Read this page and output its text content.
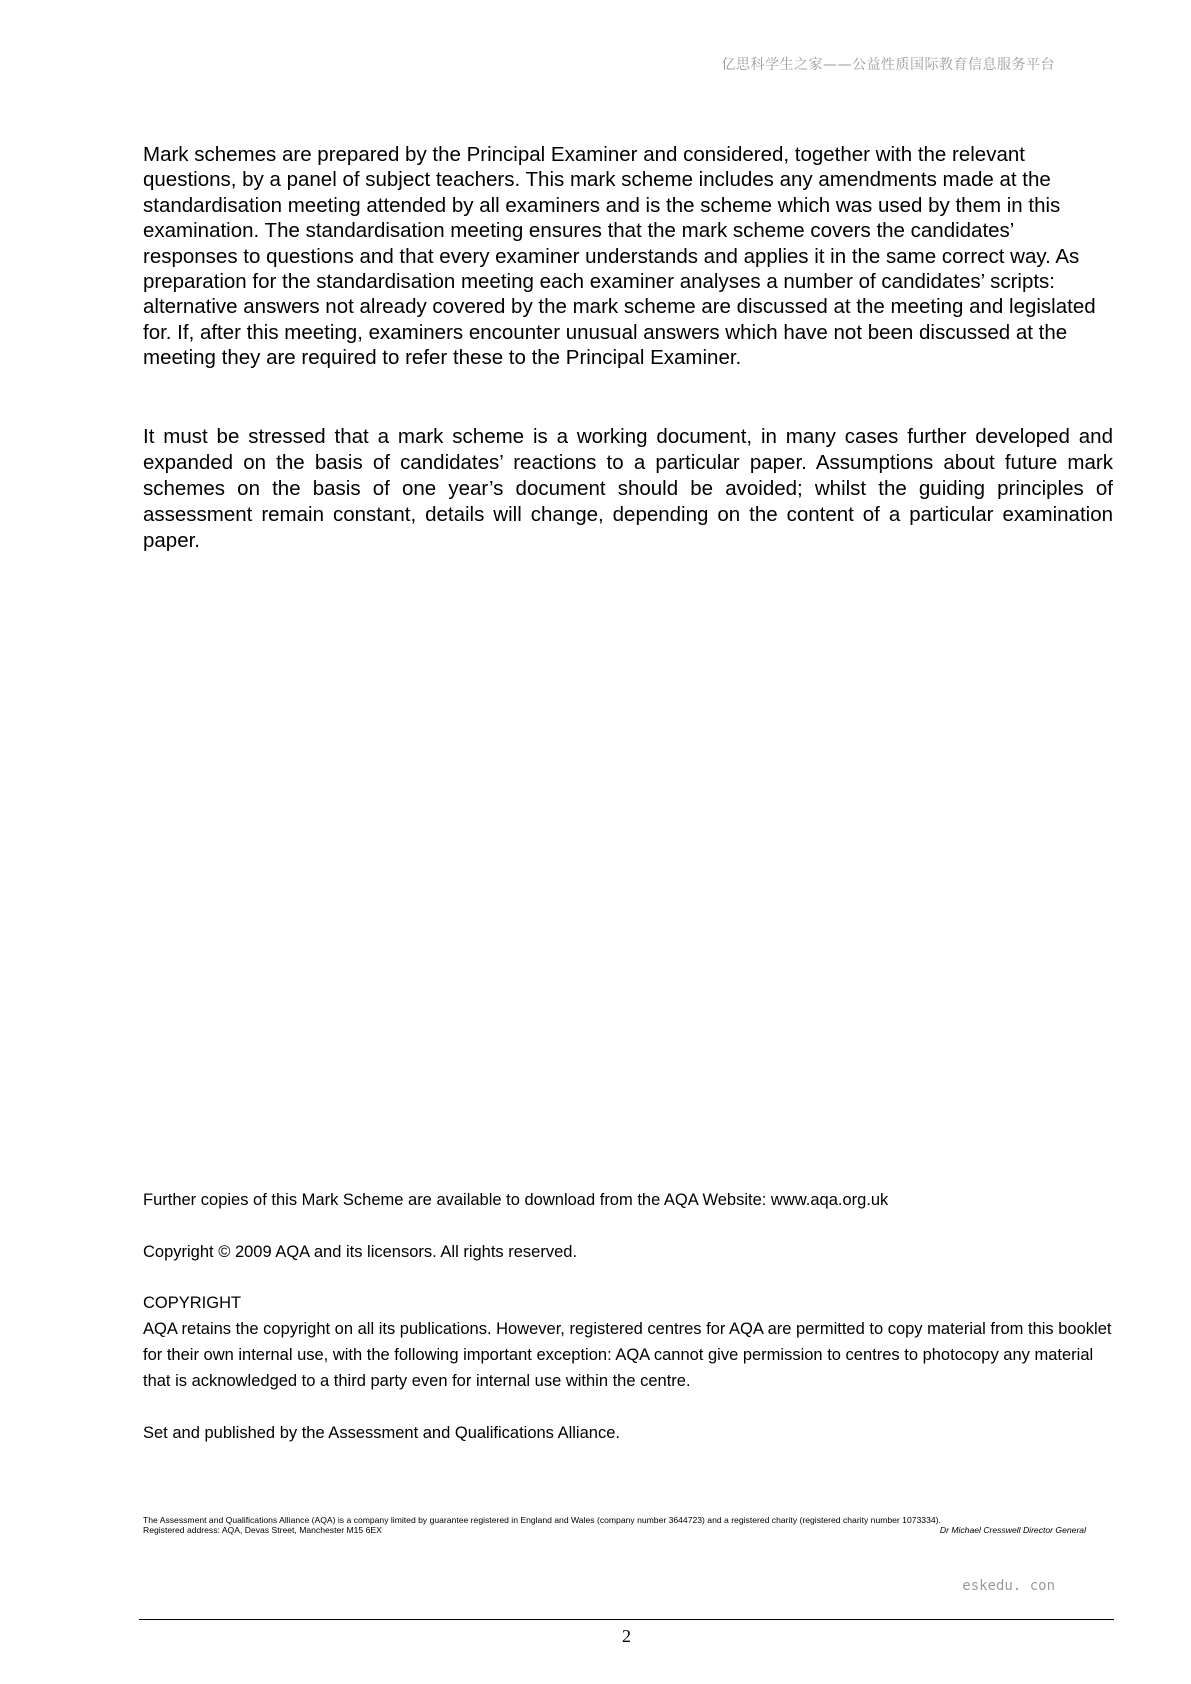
亿思科学生之家——公益性质国际教育信息服务平台

Mark schemes are prepared by the Principal Examiner and considered, together with the relevant questions, by a panel of subject teachers. This mark scheme includes any amendments made at the standardisation meeting attended by all examiners and is the scheme which was used by them in this examination. The standardisation meeting ensures that the mark scheme covers the candidates’ responses to questions and that every examiner understands and applies it in the same correct way. As preparation for the standardisation meeting each examiner analyses a number of candidates’ scripts: alternative answers not already covered by the mark scheme are discussed at the meeting and legislated for. If, after this meeting, examiners encounter unusual answers which have not been discussed at the meeting they are required to refer these to the Principal Examiner.

It must be stressed that a mark scheme is a working document, in many cases further developed and expanded on the basis of candidates’ reactions to a particular paper. Assumptions about future mark schemes on the basis of one year’s document should be avoided; whilst the guiding principles of assessment remain constant, details will change, depending on the content of a particular examination paper.

Further copies of this Mark Scheme are available to download from the AQA Website: www.aqa.org.uk
Copyright © 2009 AQA and its licensors. All rights reserved.
COPYRIGHT
AQA retains the copyright on all its publications. However, registered centres for AQA are permitted to copy material from this booklet for their own internal use, with the following important exception: AQA cannot give permission to centres to photocopy any material that is acknowledged to a third party even for internal use within the centre.
Set and published by the Assessment and Qualifications Alliance.
The Assessment and Qualifications Alliance (AQA) is a company limited by guarantee registered in England and Wales (company number 3644723) and a registered charity (registered charity number 1073334).
Registered address: AQA, Devas Street, Manchester M15 6EX	Dr Michael Cresswell Director General
eskedu. con
2
